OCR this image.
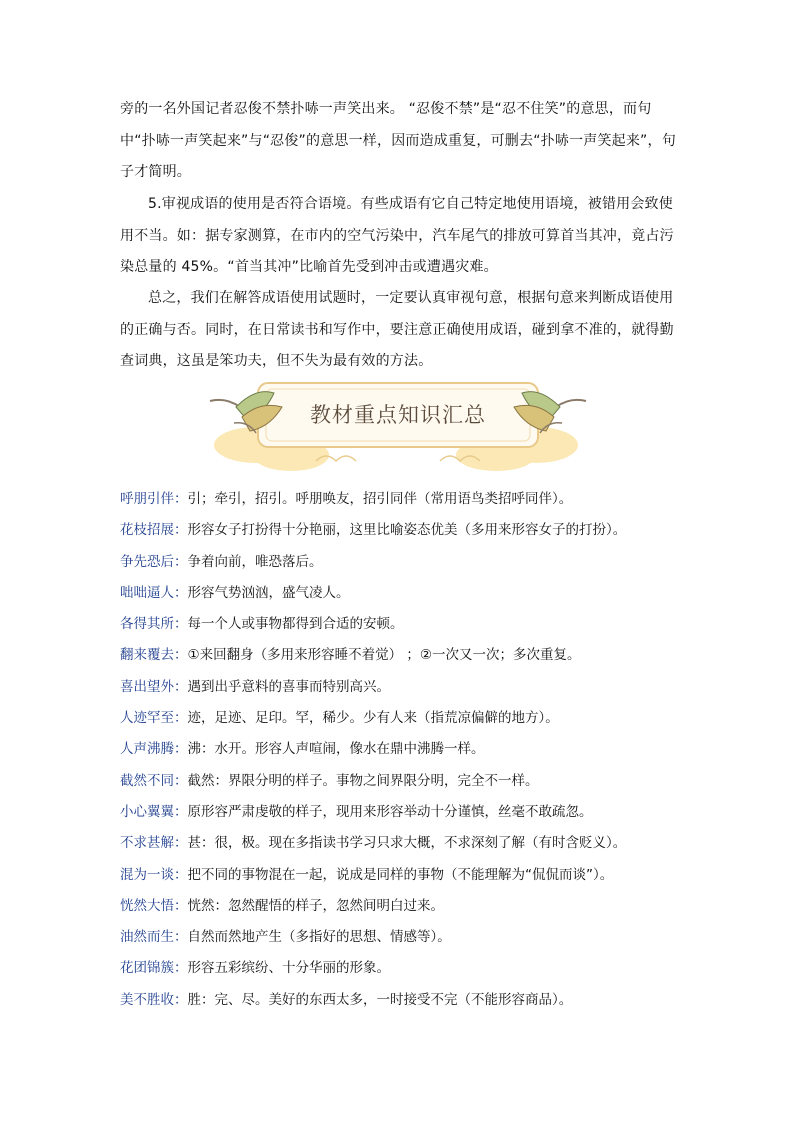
旁的一名外国记者忍俊不禁扑哧一声笑出来。 “忍俊不禁”是“忍不住笑”的意思，而句中“扑哧一声笑起来”与“忍俊”的意思一样，因而造成重复，可删去“扑哧一声笑起来”，句子才简明。

5.审视成语的使用是否符合语境。有些成语有它自己特定地使用语境，被错用会致使用不当。如：据专家测算，在市内的空气污染中，汽车尾气的排放可算首当其冲，竟占污染总量的 45%。“首当其冲”比喻首先受到冲击或遭遇灾难。

总之，我们在解答成语使用试题时，一定要认真审视句意，根据句意来判断成语使用的正确与否。同时，在日常读书和写作中，要注意正确使用成语，碰到拿不准的，就得勤查词典，这虽是笨功夫，但不失为最有效的方法。

教材重点知识汇总
呼朋引伴：引；牵引，招引。呼朋唤友，招引同伴（常用语鸟类招呼同伴）。
花枝招展：形容女子打扮得十分艳丽，这里比喻姿态优美（多用来形容女子的打扮）。
争先恐后：争着向前，唯恐落后。
咄咄逼人：形容气势汹汹，盛气凌人。
各得其所：每一个人或事物都得到合适的安顿。
翻来覆去：①来回翻身（多用来形容睡不着觉） ；②一次又一次；多次重复。
喜出望外：遇到出乎意料的喜事而特别高兴。
人迹罕至：迹，足迹、足印。罕，稀少。少有人来（指荒凉偏僻的地方）。
人声沸腾：沸：水开。形容人声喧闹，像水在鼎中沸腾一样。
截然不同：截然：界限分明的样子。事物之间界限分明，完全不一样。
小心翼翼：原形容严肃虔敬的样子，现用来形容举动十分谨慎，丝毫不敢疏忽。
不求甚解：甚：很，极。现在多指读书学习只求大概，不求深刻了解（有时含贬义）。
混为一谈：把不同的事物混在一起，说成是同样的事物（不能理解为“侃侃而谈”）。
恍然大悟：恍然：忽然醒悟的样子，忽然间明白过来。
油然而生：自然而然地产生（多指好的思想、情感等）。
花团锦簇：形容五彩缤纷、十分华丽的形象。
美不胜收：胜：完、尽。美好的东西太多，一时接受不完（不能形容商品）。
